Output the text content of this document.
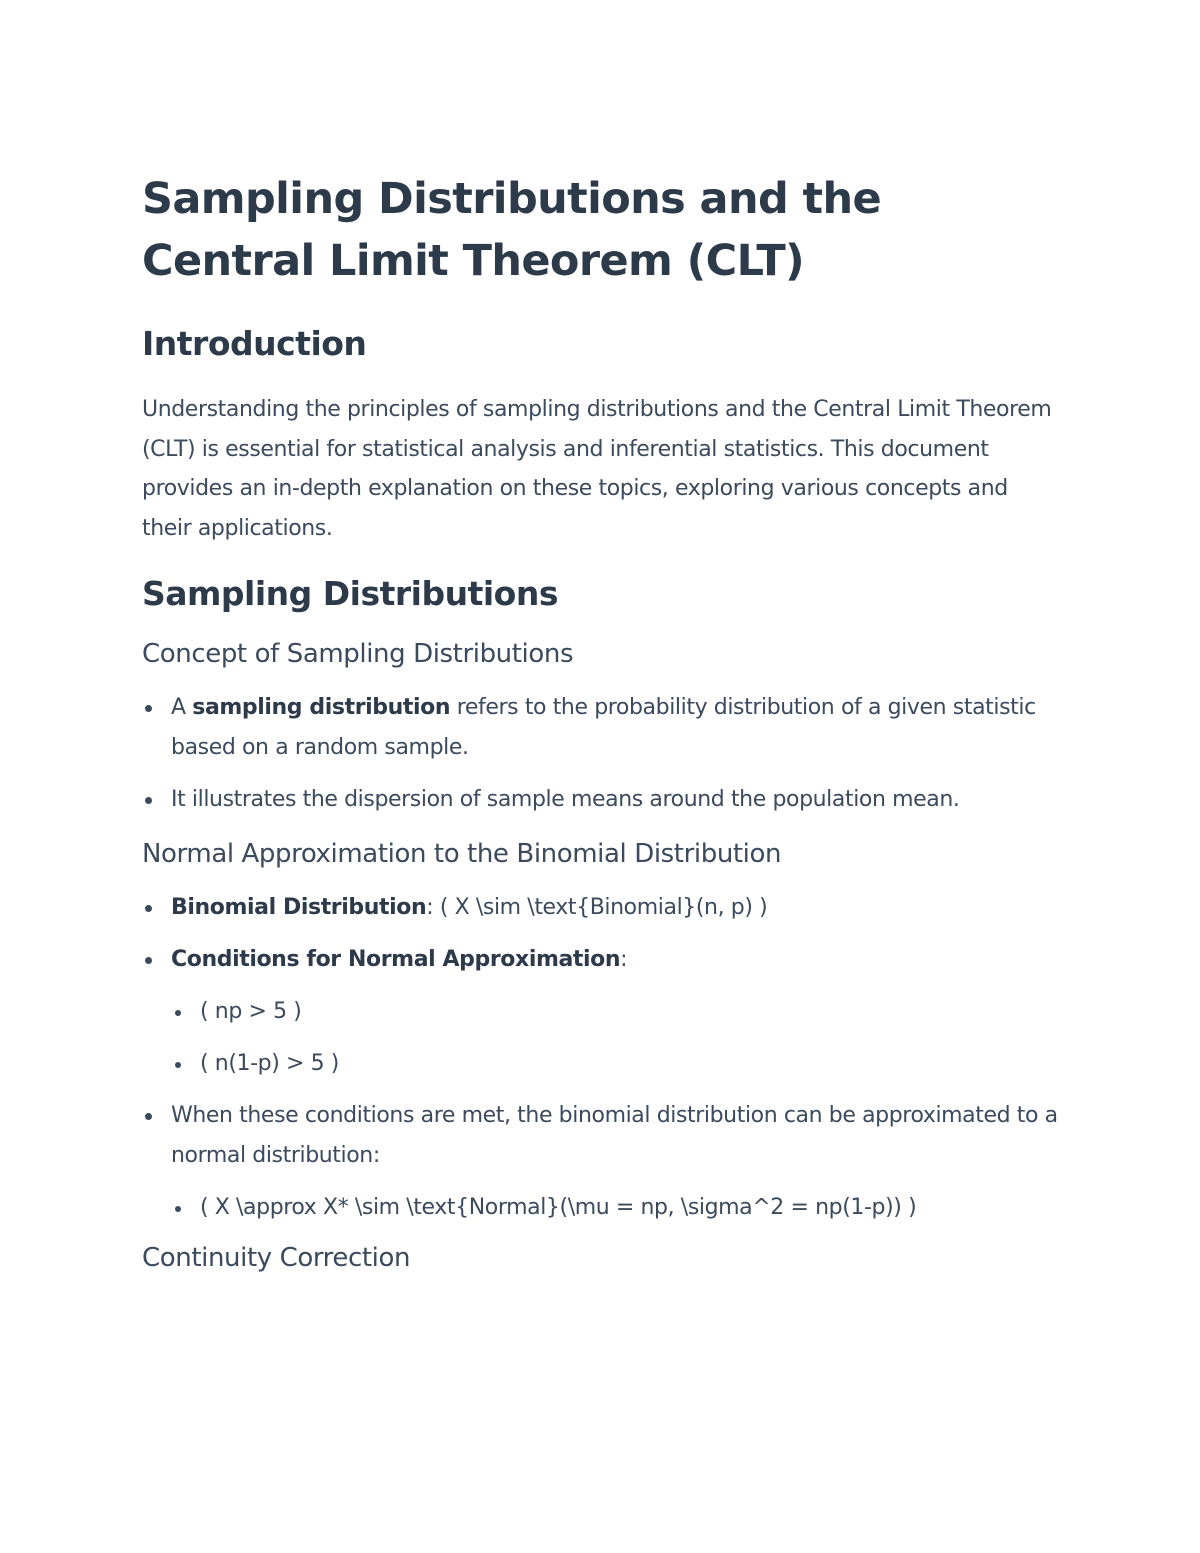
Sampling Distributions and the Central Limit Theorem (CLT)
Introduction

Understanding the principles of sampling distributions and the Central Limit Theorem (CLT) is essential for statistical analysis and inferential statistics. This document provides an in-depth explanation on these topics, exploring various concepts and their applications.

Sampling Distributions
Concept of Sampling Distributions
A sampling distribution refers to the probability distribution of a given statistic based on a random sample.
It illustrates the dispersion of sample means around the population mean.
Normal Approximation to the Binomial Distribution
Binomial Distribution: ( X \sim \text{Binomial}(n, p) )
Conditions for Normal Approximation:
( np > 5 )
( n(1-p) > 5 )
When these conditions are met, the binomial distribution can be approximated to a normal distribution:
( X \approx X* \sim \text{Normal}(\mu = np, \sigma^2 = np(1-p)) )
Continuity Correction
